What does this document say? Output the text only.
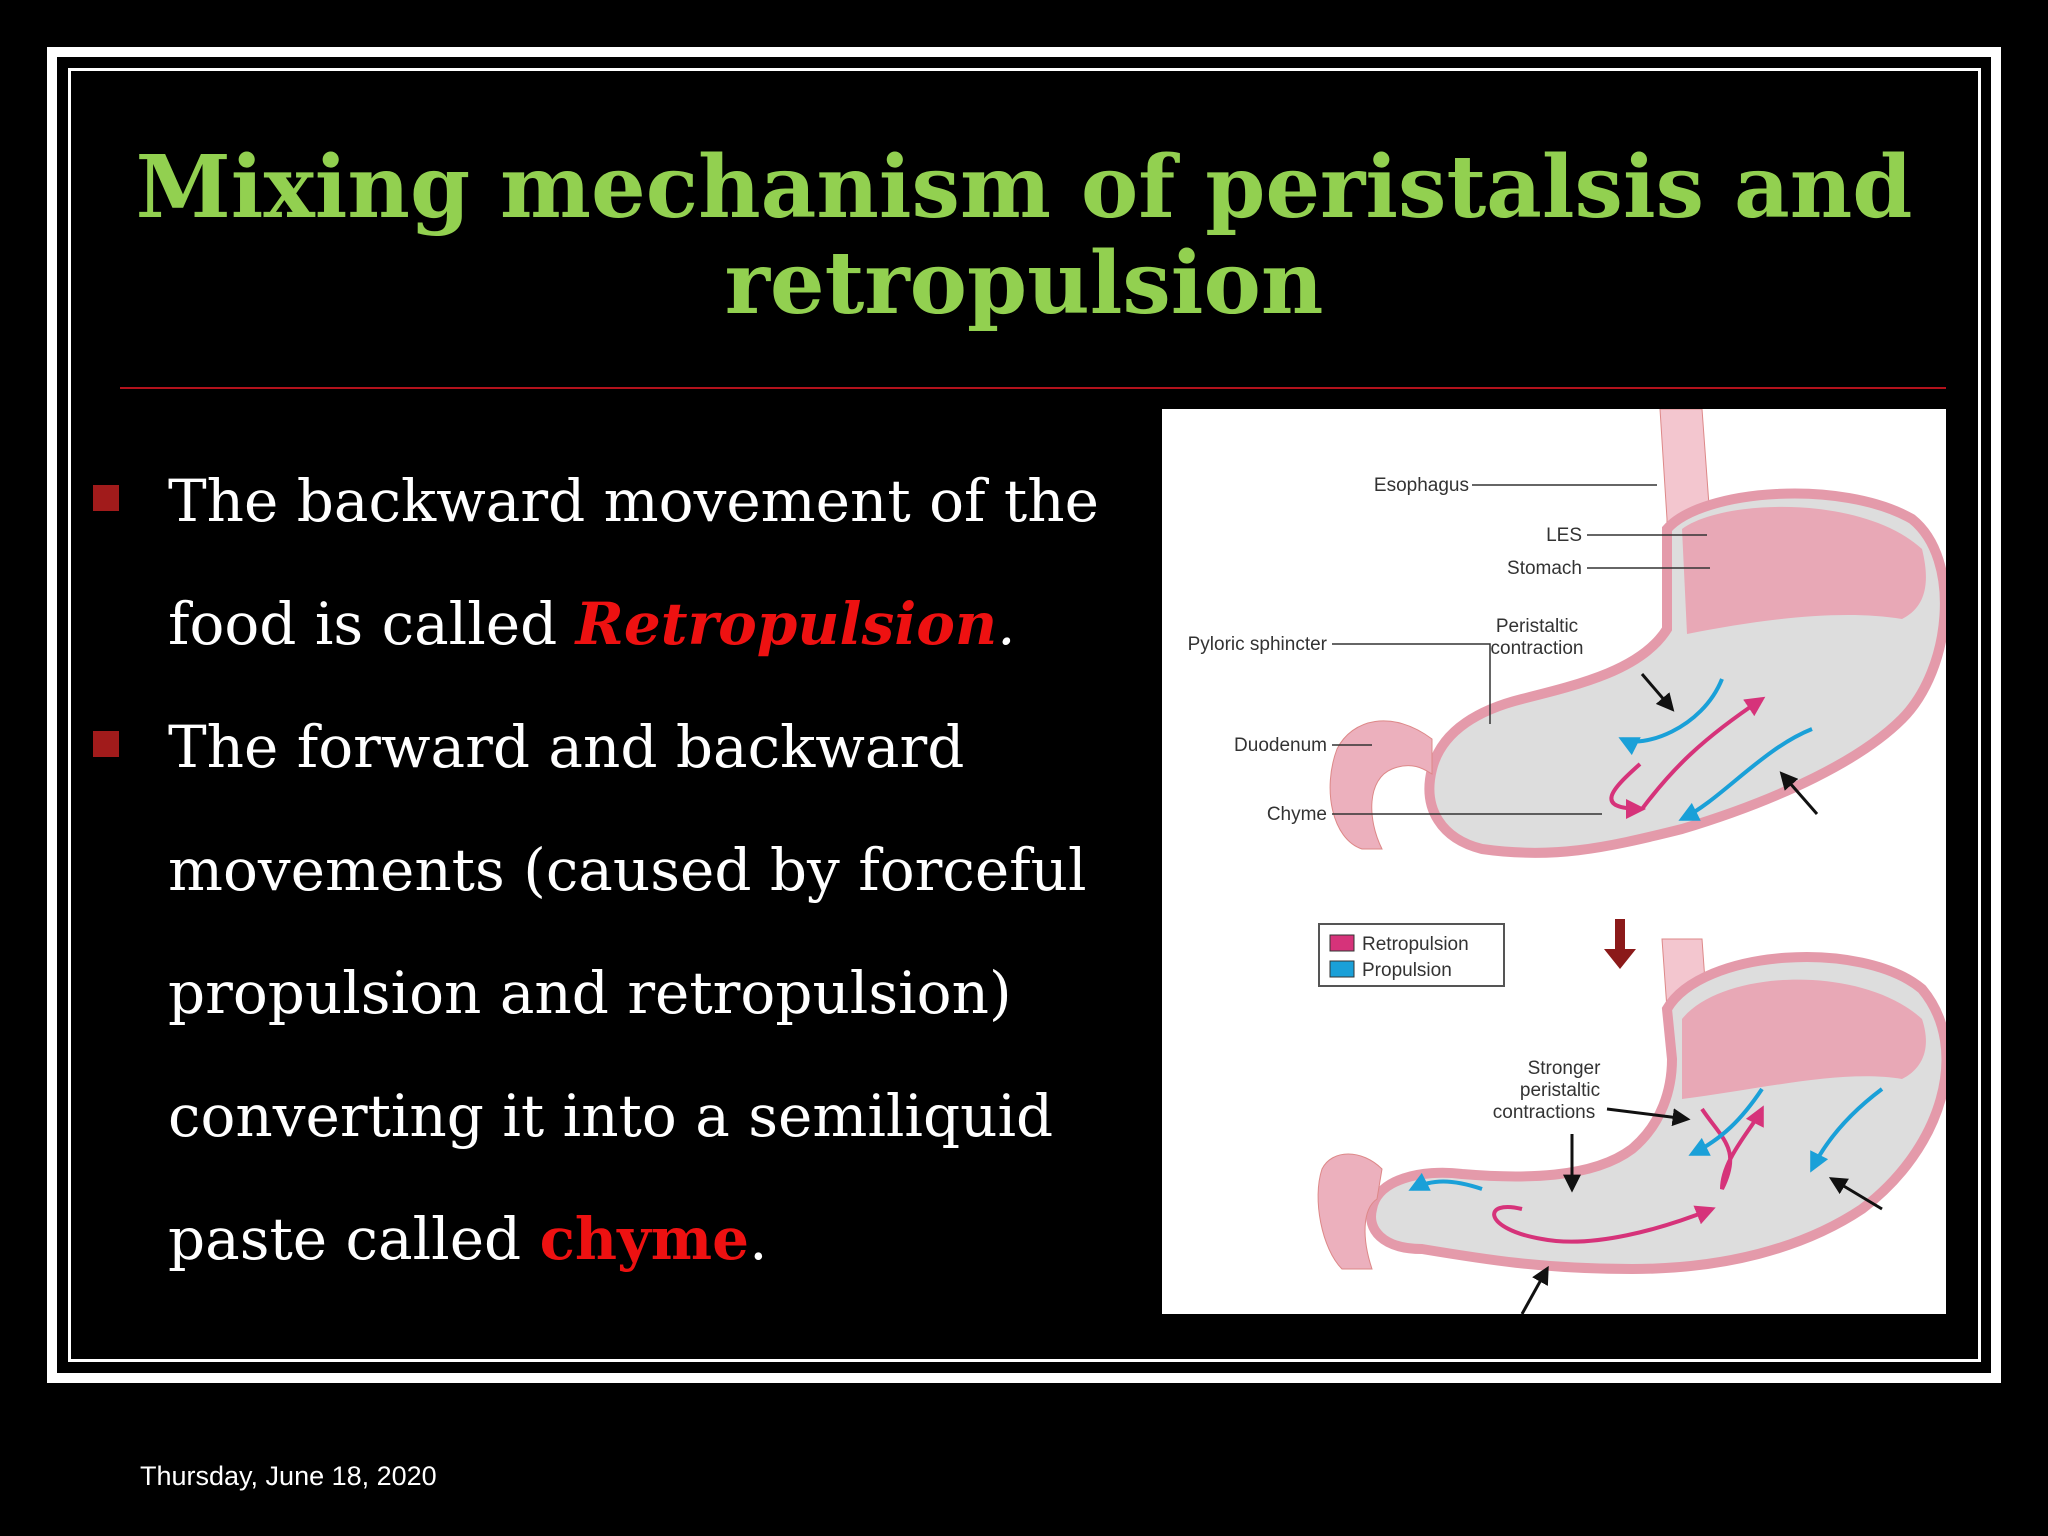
Mixing mechanism of peristalsis and retropulsion
The backward movement of the food is called Retropulsion.
The forward and backward movements (caused by forceful propulsion and retropulsion) converting it into a semiliquid paste called chyme.
Esophagus
LES
Stomach
Peristaltic
contraction
Pyloric sphincter
Duodenum
Chyme
Stronger
peristaltic
contractions
Retropulsion
Propulsion
Thursday, June 18, 2020
